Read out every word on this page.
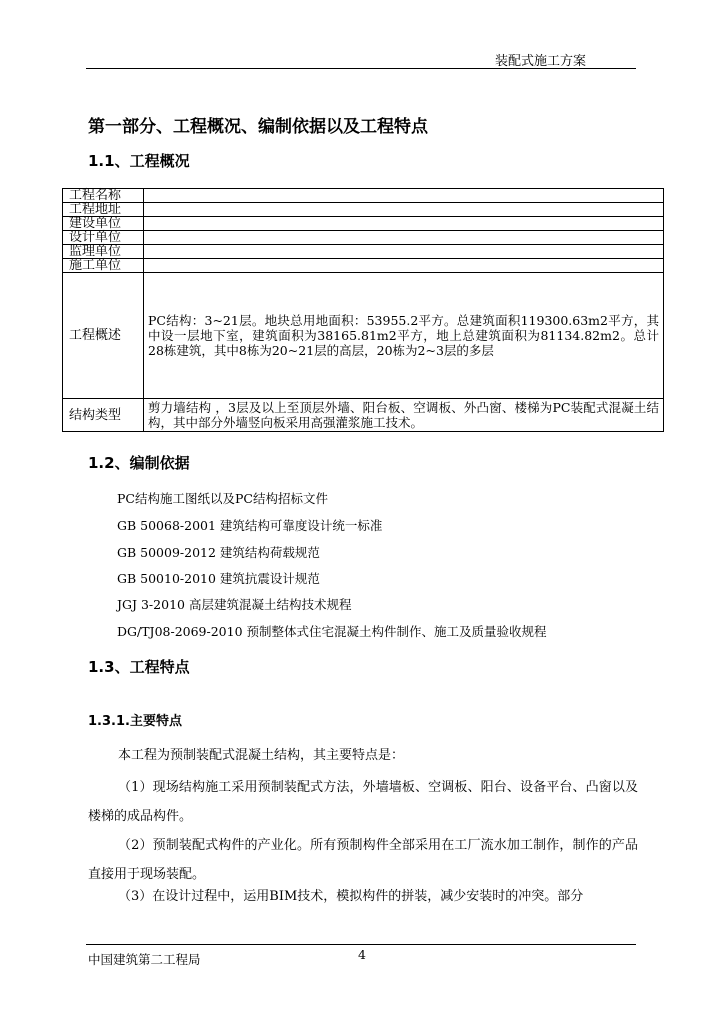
装配式施工方案
第一部分、工程概况、编制依据以及工程特点
1.1、工程概况
工程名称	
工程地址	
建设单位	
设计单位	
监理单位	
施工单位	
工程概述	PC结构：3~21层。地块总用地面积：53955.2平方。总建筑面积119300.63m2平方，其中设一层地下室，建筑面积为38165.81m2平方，地上总建筑面积为81134.82m2。总计28栋建筑，其中8栋为20~21层的高层，20栋为2~3层的多层
结构类型	剪力墙结构 ，3层及以上至顶层外墙、阳台板、空调板、外凸窗、楼梯为PC装配式混凝土结构，其中部分外墙竖向板采用高强灌浆施工技术。
1.2、编制依据

PC结构施工图纸以及PC结构招标文件

GB 50068-2001 建筑结构可靠度设计统一标准

GB 50009-2012 建筑结构荷载规范

GB 50010-2010 建筑抗震设计规范

JGJ 3-2010 高层建筑混凝土结构技术规程

DG/TJ08-2069-2010 预制整体式住宅混凝土构件制作、施工及质量验收规程

1.3、工程特点
1.3.1.主要特点

本工程为预制装配式混凝土结构，其主要特点是：

（1）现场结构施工采用预制装配式方法，外墙墙板、空调板、阳台、设备平台、凸窗以及楼梯的成品构件。

（2）预制装配式构件的产业化。所有预制构件全部采用在工厂流水加工制作，制作的产品直接用于现场装配。

（3）在设计过程中，运用BIM技术，模拟构件的拼装，减少安装时的冲突。部分

中国建筑第二工程局	4
